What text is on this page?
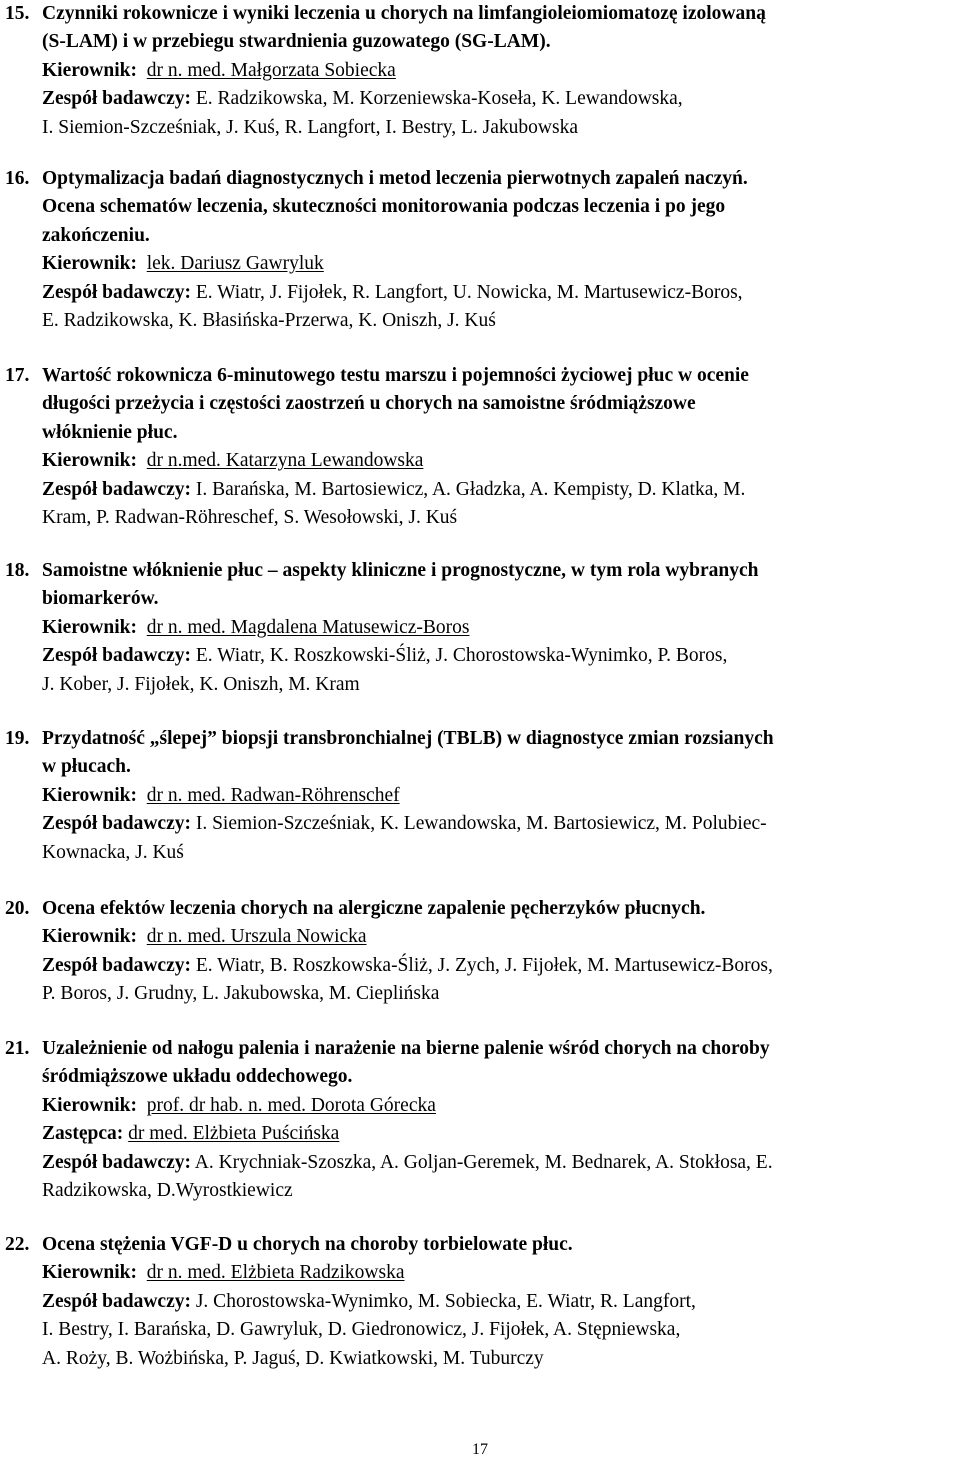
15. Czynniki rokownicze i wyniki leczenia u chorych na limfangioleiomiomatozę izolowaną
(S-LAM) i w przebiegu stwardnienia guzowatego (SG-LAM).
Kierownik: dr n. med. Małgorzata Sobiecka
Zespół badawczy: E. Radzikowska, M. Korzeniewska-Koseła, K. Lewandowska,
I. Siemion-Szcześniak, J. Kuś, R. Langfort, I. Bestry, L. Jakubowska
16. Optymalizacja badań diagnostycznych i metod leczenia pierwotnych zapaleń naczyń.
Ocena schematów leczenia, skuteczności monitorowania podczas leczenia i po jego
zakończeniu.
Kierownik: lek. Dariusz Gawryluk
Zespół badawczy: E. Wiatr, J. Fijołek, R. Langfort, U. Nowicka, M. Martusewicz-Boros,
E. Radzikowska, K. Błasińska-Przerwa, K. Oniszh, J. Kuś
17. Wartość rokownicza 6-minutowego testu marszu i pojemności życiowej płuc w ocenie
długości przeżycia i częstości zaostrzeń u chorych na samoistne śródmiąższowe
włóknienie płuc.
Kierownik: dr n.med. Katarzyna Lewandowska
Zespół badawczy: I. Barańska, M. Bartosiewicz, A. Gładzka, A. Kempisty, D. Klatka, M.
Kram, P. Radwan-Röhreschef, S. Wesołowski, J. Kuś
18. Samoistne włóknienie płuc – aspekty kliniczne i prognostyczne, w tym rola wybranych
biomarkerów.
Kierownik: dr n. med. Magdalena Matusewicz-Boros
Zespół badawczy: E. Wiatr, K. Roszkowski-Śliż, J. Chorostowska-Wynimko, P. Boros,
J. Kober, J. Fijołek, K. Oniszh, M. Kram
19. Przydatność „ślepej” biopsji transbronchialnej (TBLB) w diagnostyce zmian rozsianych
w płucach.
Kierownik: dr n. med. Radwan-Röhrenschef
Zespół badawczy: I. Siemion-Szcześniak, K. Lewandowska, M. Bartosiewicz, M. Polubiec-
Kownacka, J. Kuś
20. Ocena efektów leczenia chorych na alergiczne zapalenie pęcherzyków płucnych.
Kierownik: dr n. med. Urszula Nowicka
Zespół badawczy: E. Wiatr, B. Roszkowska-Śliż, J. Zych, J. Fijołek, M. Martusewicz-Boros,
P. Boros, J. Grudny, L. Jakubowska, M. Cieplińska
21. Uzależnienie od nałogu palenia i narażenie na bierne palenie wśród chorych na choroby
śródmiąższowe układu oddechowego.
Kierownik: prof. dr hab. n. med. Dorota Górecka
Zastępca: dr med. Elżbieta Puścińska
Zespół badawczy: A. Krychniak-Szoszka, A. Goljan-Geremek, M. Bednarek, A. Stokłosa, E.
Radzikowska, D.Wyrostkiewicz
22. Ocena stężenia VGF-D u chorych na choroby torbielowate płuc.
Kierownik: dr n. med. Elżbieta Radzikowska
Zespół badawczy: J. Chorostowska-Wynimko, M. Sobiecka, E. Wiatr, R. Langfort,
I. Bestry, I. Barańska, D. Gawryluk, D. Giedronowicz, J. Fijołek, A. Stępniewska,
A. Roży, B. Wożbińska, P. Jaguś, D. Kwiatkowski, M. Tuburczy
17
